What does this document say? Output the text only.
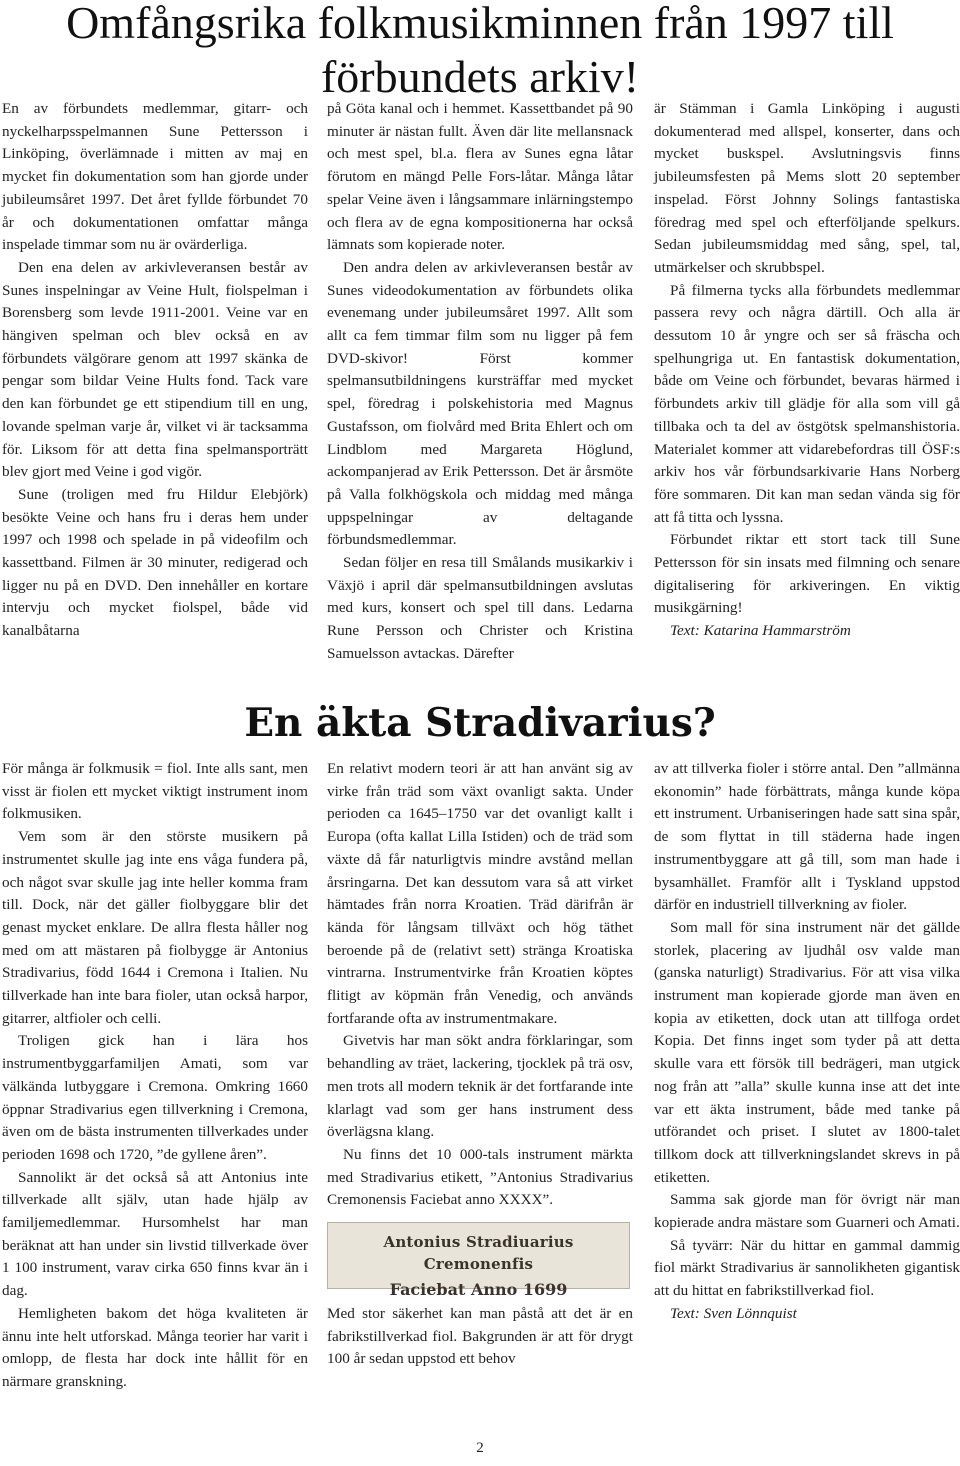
Omfångsrika folkmusikminnen från 1997 till
förbundets arkiv!

En av förbundets medlemmar, gitarr- och nyckelharpsspelmannen Sune Pettersson i Linköping, överlämnade i mitten av maj en mycket fin dokumentation som han gjorde under jubileumsåret 1997. Det året fyllde förbundet 70 år och dokumentationen omfattar många inspelade timmar som nu är ovärderliga.

Den ena delen av arkivleveransen består av Sunes inspelningar av Veine Hult, fiolspelman i Borensberg som levde 1911-2001. Veine var en hängiven spelman och blev också en av förbundets välgörare genom att 1997 skänka de pengar som bildar Veine Hults fond. Tack vare den kan förbundet ge ett stipendium till en ung, lovande spelman varje år, vilket vi är tacksamma för. Liksom för att detta fina spelmansporträtt blev gjort med Veine i god vigör.

Sune (troligen med fru Hildur Elebjörk) besökte Veine och hans fru i deras hem under 1997 och 1998 och spelade in på videofilm och kassettband. Filmen är 30 minuter, redigerad och ligger nu på en DVD. Den innehåller en kortare intervju och mycket fiolspel, både vid kanalbåtarna

på Göta kanal och i hemmet. Kassettbandet på 90 minuter är nästan fullt. Även där lite mellansnack och mest spel, bl.a. flera av Sunes egna låtar förutom en mängd Pelle Fors-låtar. Många låtar spelar Veine även i långsammare inlärningstempo och flera av de egna kompositionerna har också lämnats som kopierade noter.

Den andra delen av arkivleveransen består av Sunes videodokumentation av förbundets olika evenemang under jubileumsåret 1997. Allt som allt ca fem timmar film som nu ligger på fem DVD-skivor! Först kommer spelmansutbildningens kursträffar med mycket spel, föredrag i polskehistoria med Magnus Gustafsson, om fiolvård med Brita Ehlert och om Lindblom med Margareta Höglund, ackompanjerad av Erik Pettersson. Det är årsmöte på Valla folkhögskola och middag med många uppspelningar av deltagande förbundsmedlemmar.

Sedan följer en resa till Smålands musikarkiv i Växjö i april där spelmansutbildningen avslutas med kurs, konsert och spel till dans. Ledarna Rune Persson och Christer och Kristina Samuelsson avtackas. Därefter

är Stämman i Gamla Linköping i augusti dokumenterad med allspel, konserter, dans och mycket buskspel. Avslutningsvis finns jubileumsfesten på Mems slott 20 september inspelad. Först Johnny Solings fantastiska föredrag med spel och efterföljande spelkurs. Sedan jubileumsmiddag med sång, spel, tal, utmärkelser och skrubbspel.

På filmerna tycks alla förbundets medlemmar passera revy och några därtill. Och alla är dessutom 10 år yngre och ser så fräscha och spelhungriga ut. En fantastisk dokumentation, både om Veine och förbundet, bevaras härmed i förbundets arkiv till glädje för alla som vill gå tillbaka och ta del av östgötsk spelmanshistoria. Materialet kommer att vidarebefordras till ÖSF:s arkiv hos vår förbundsarkivarie Hans Norberg före sommaren. Dit kan man sedan vända sig för att få titta och lyssna.

Förbundet riktar ett stort tack till Sune Pettersson för sin insats med filmning och senare digitalisering för arkiveringen. En viktig musikgärning!

Text: Katarina Hammarström

En äkta Stradivarius?

För många är folkmusik = fiol. Inte alls sant, men visst är fiolen ett mycket viktigt instrument inom folkmusiken.

Vem som är den störste musikern på instrumentet skulle jag inte ens våga fundera på, och något svar skulle jag inte heller komma fram till. Dock, när det gäller fiolbyggare blir det genast mycket enklare. De allra flesta håller nog med om att mästaren på fiolbygge är Antonius Stradivarius, född 1644 i Cremona i Italien. Nu tillverkade han inte bara fioler, utan också harpor, gitarrer, altfioler och celli.

Troligen gick han i lära hos instrumentbyggarfamiljen Amati, som var välkända lutbyggare i Cremona. Omkring 1660 öppnar Stradivarius egen tillverkning i Cremona, även om de bästa instrumenten tillverkades under perioden 1698 och 1720, ”de gyllene åren”.

Sannolikt är det också så att Antonius inte tillverkade allt själv, utan hade hjälp av familjemedlemmar. Hursomhelst har man beräknat att han under sin livstid tillverkade över 1 100 instrument, varav cirka 650 finns kvar än i dag.

Hemligheten bakom det höga kvaliteten är ännu inte helt utforskad. Många teorier har varit i omlopp, de flesta har dock inte hållit för en närmare granskning.

En relativt modern teori är att han använt sig av virke från träd som växt ovanligt sakta. Under perioden ca 1645–1750 var det ovanligt kallt i Europa (ofta kallat Lilla Istiden) och de träd som växte då får naturligtvis mindre avstånd mellan årsringarna. Det kan dessutom vara så att virket hämtades från norra Kroatien. Träd därifrån är kända för långsam tillväxt och hög täthet beroende på de (relativt sett) stränga Kroatiska vintrarna. Instrumentvirke från Kroatien köptes flitigt av köpmän från Venedig, och används fortfarande ofta av instrumentmakare.

Givetvis har man sökt andra förklaringar, som behandling av träet, lackering, tjocklek på trä osv, men trots all modern teknik är det fortfarande inte klarlagt vad som ger hans instrument dess överlägsna klang.

Nu finns det 10 000-tals instrument märkta med Stradivarius etikett, ”Antonius Stradivarius Cremonensis Faciebat anno XXXX”.

Antonius Stradiuarius Cremonenfis
Faciebat Anno 1699

Med stor säkerhet kan man påstå att det är en fabrikstillverkad fiol. Bakgrunden är att för drygt 100 år sedan uppstod ett behov

av att tillverka fioler i större antal. Den ”allmänna ekonomin” hade förbättrats, många kunde köpa ett instrument. Urbaniseringen hade satt sina spår, de som flyttat in till städerna hade ingen instrumentbyggare att gå till, som man hade i bysamhället. Framför allt i Tyskland uppstod därför en industriell tillverkning av fioler.

Som mall för sina instrument när det gällde storlek, placering av ljudhål osv valde man (ganska naturligt) Stradivarius. För att visa vilka instrument man kopierade gjorde man även en kopia av etiketten, dock utan att tillfoga ordet Kopia. Det finns inget som tyder på att detta skulle vara ett försök till bedrägeri, man utgick nog från att ”alla” skulle kunna inse att det inte var ett äkta instrument, både med tanke på utförandet och priset. I slutet av 1800-talet tillkom dock att tillverkningslandet skrevs in på etiketten.

Samma sak gjorde man för övrigt när man kopierade andra mästare som Guarneri och Amati.

Så tyvärr: När du hittar en gammal dammig fiol märkt Stradivarius är sannolikheten gigantisk att du hittat en fabrikstillverkad fiol.

Text: Sven Lönnquist

2
